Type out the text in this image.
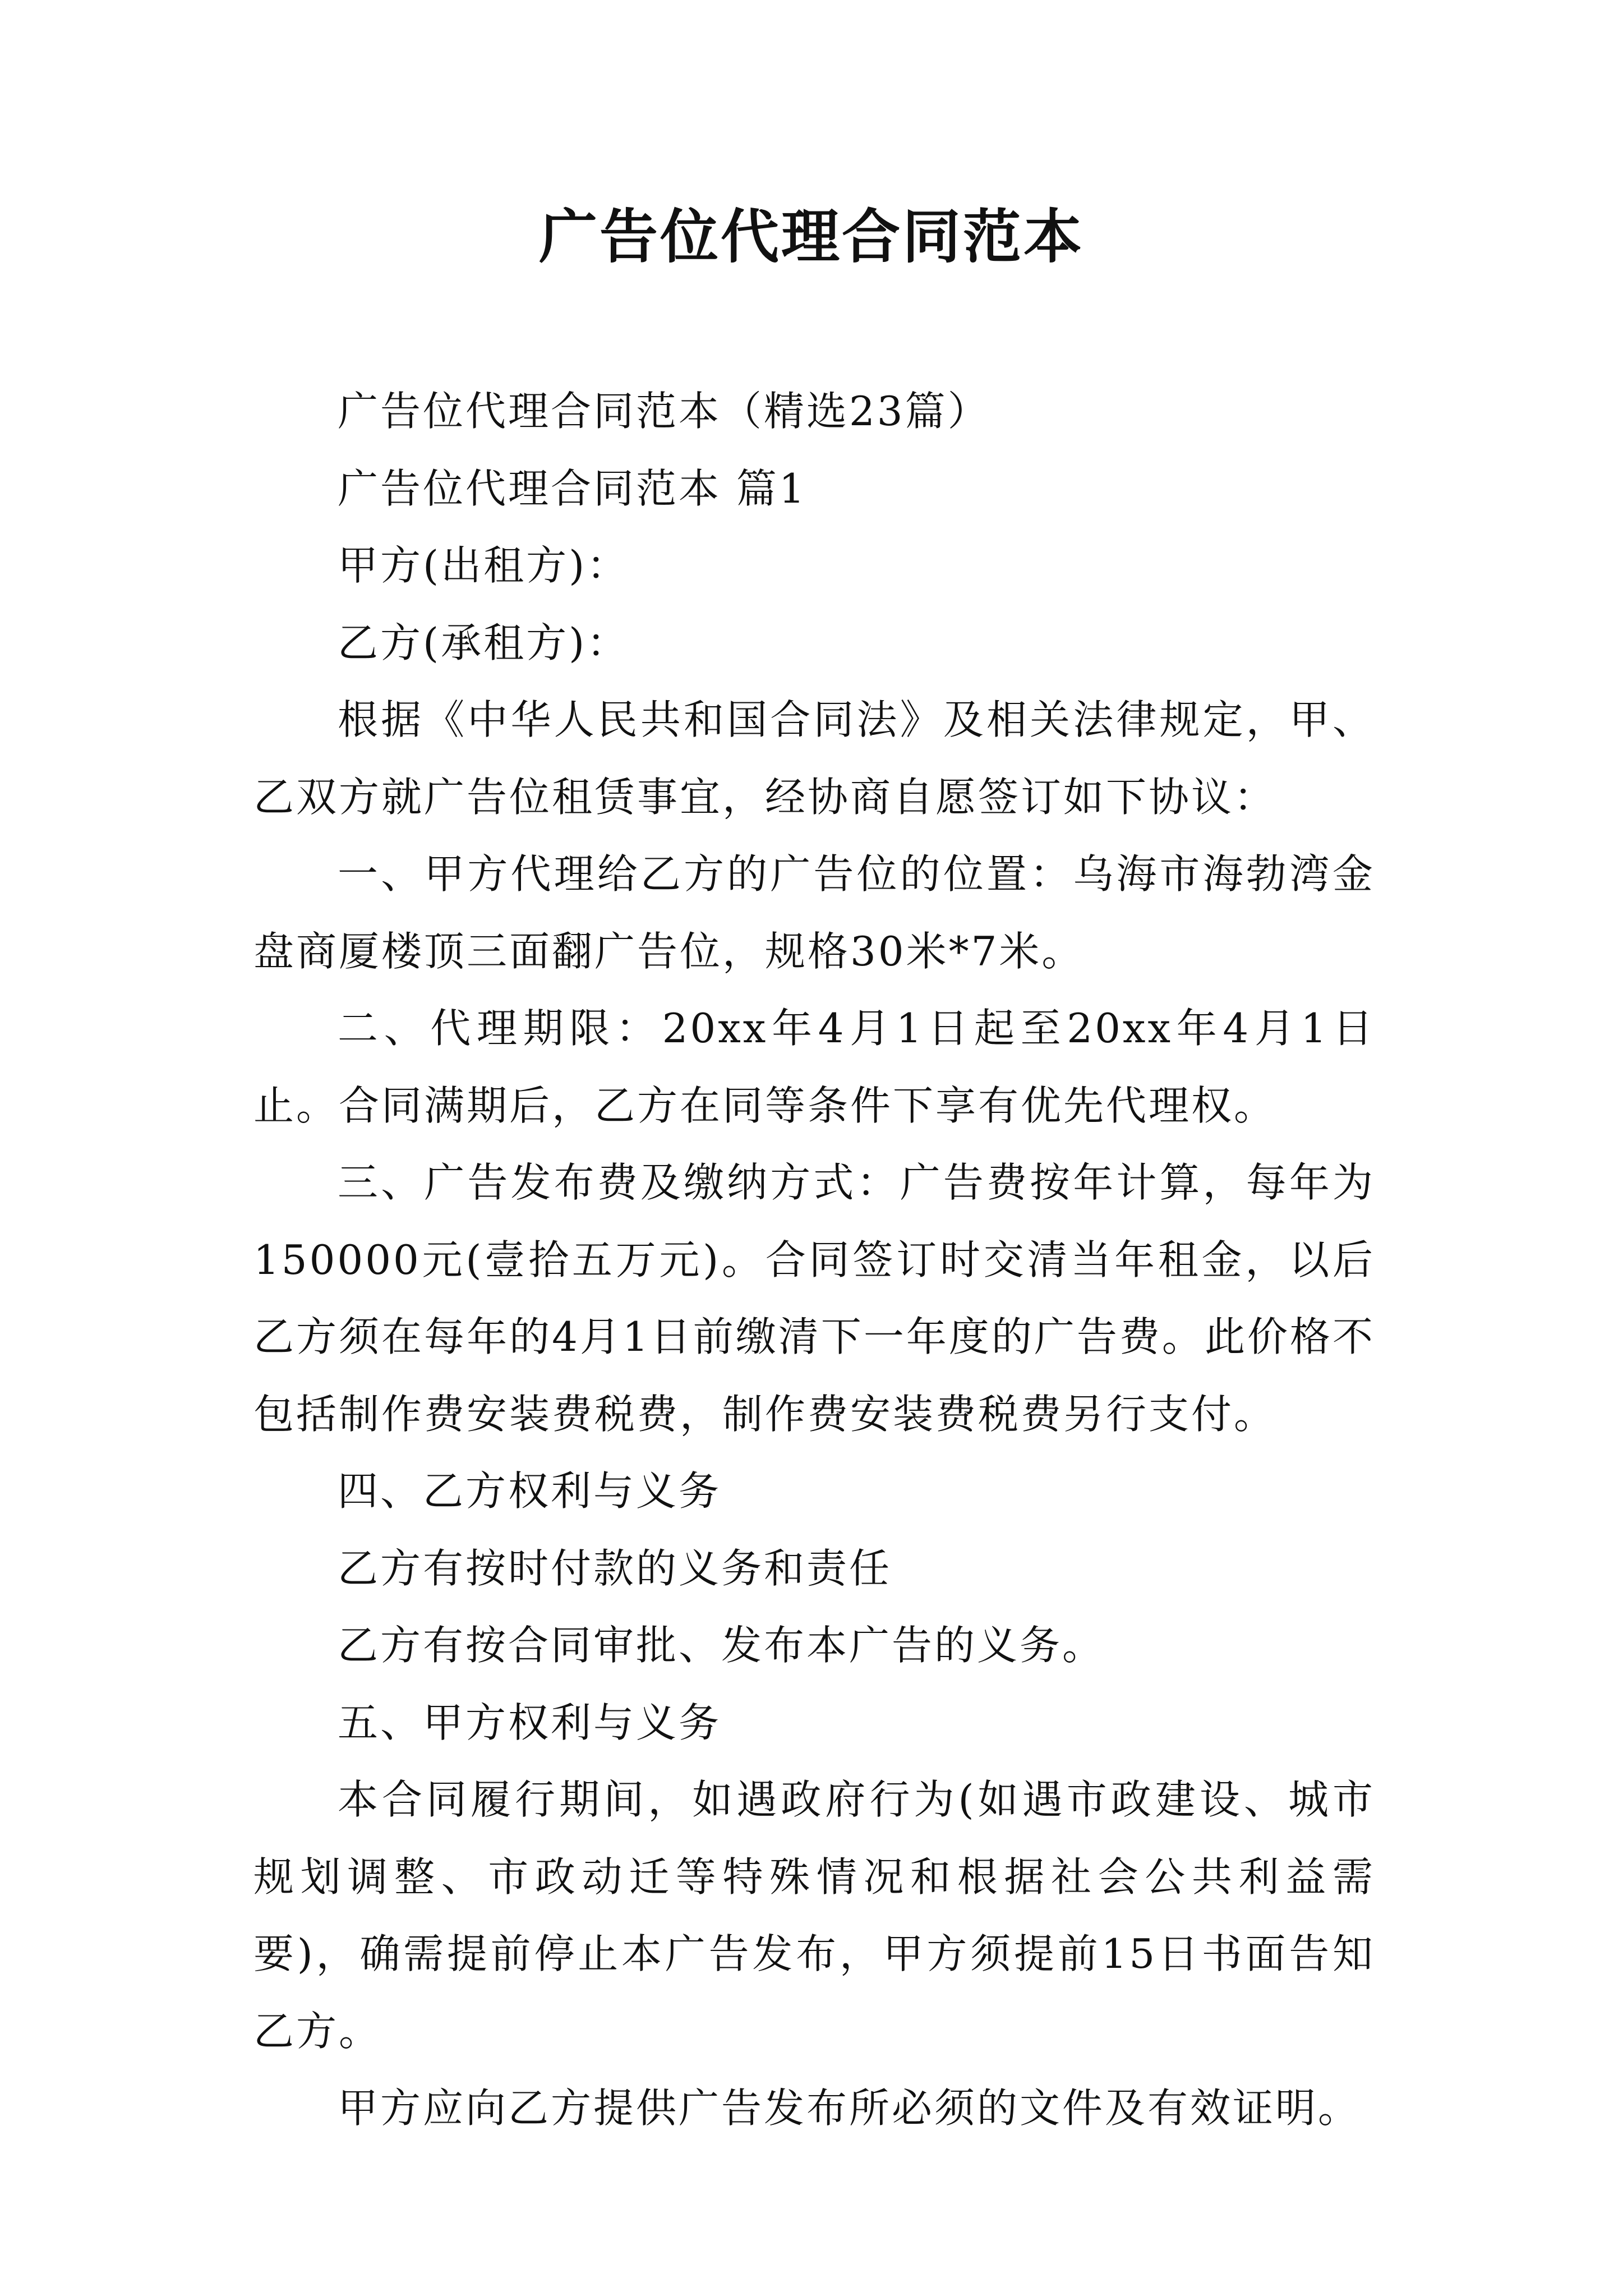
广告位代理合同范本

广告位代理合同范本（精选23篇）

广告位代理合同范本 篇1

甲方(出租方)：

乙方(承租方)：

根据《中华人民共和国合同法》及相关法律规定，甲、乙双方就广告位租赁事宜，经协商自愿签订如下协议：

一、甲方代理给乙方的广告位的位置：乌海市海勃湾金盘商厦楼顶三面翻广告位，规格30米*7米。

二、代理期限：20xx年4月1日起至20xx年4月1日止。合同满期后，乙方在同等条件下享有优先代理权。

三、广告发布费及缴纳方式：广告费按年计算，每年为150000元(壹拾五万元)。合同签订时交清当年租金，以后乙方须在每年的4月1日前缴清下一年度的广告费。此价格不包括制作费安装费税费，制作费安装费税费另行支付。

四、乙方权利与义务

乙方有按时付款的义务和责任

乙方有按合同审批、发布本广告的义务。

五、甲方权利与义务

本合同履行期间，如遇政府行为(如遇市政建设、城市规划调整、市政动迁等特殊情况和根据社会公共利益需要)，确需提前停止本广告发布，甲方须提前15日书面告知乙方。

甲方应向乙方提供广告发布所必须的文件及有效证明。
